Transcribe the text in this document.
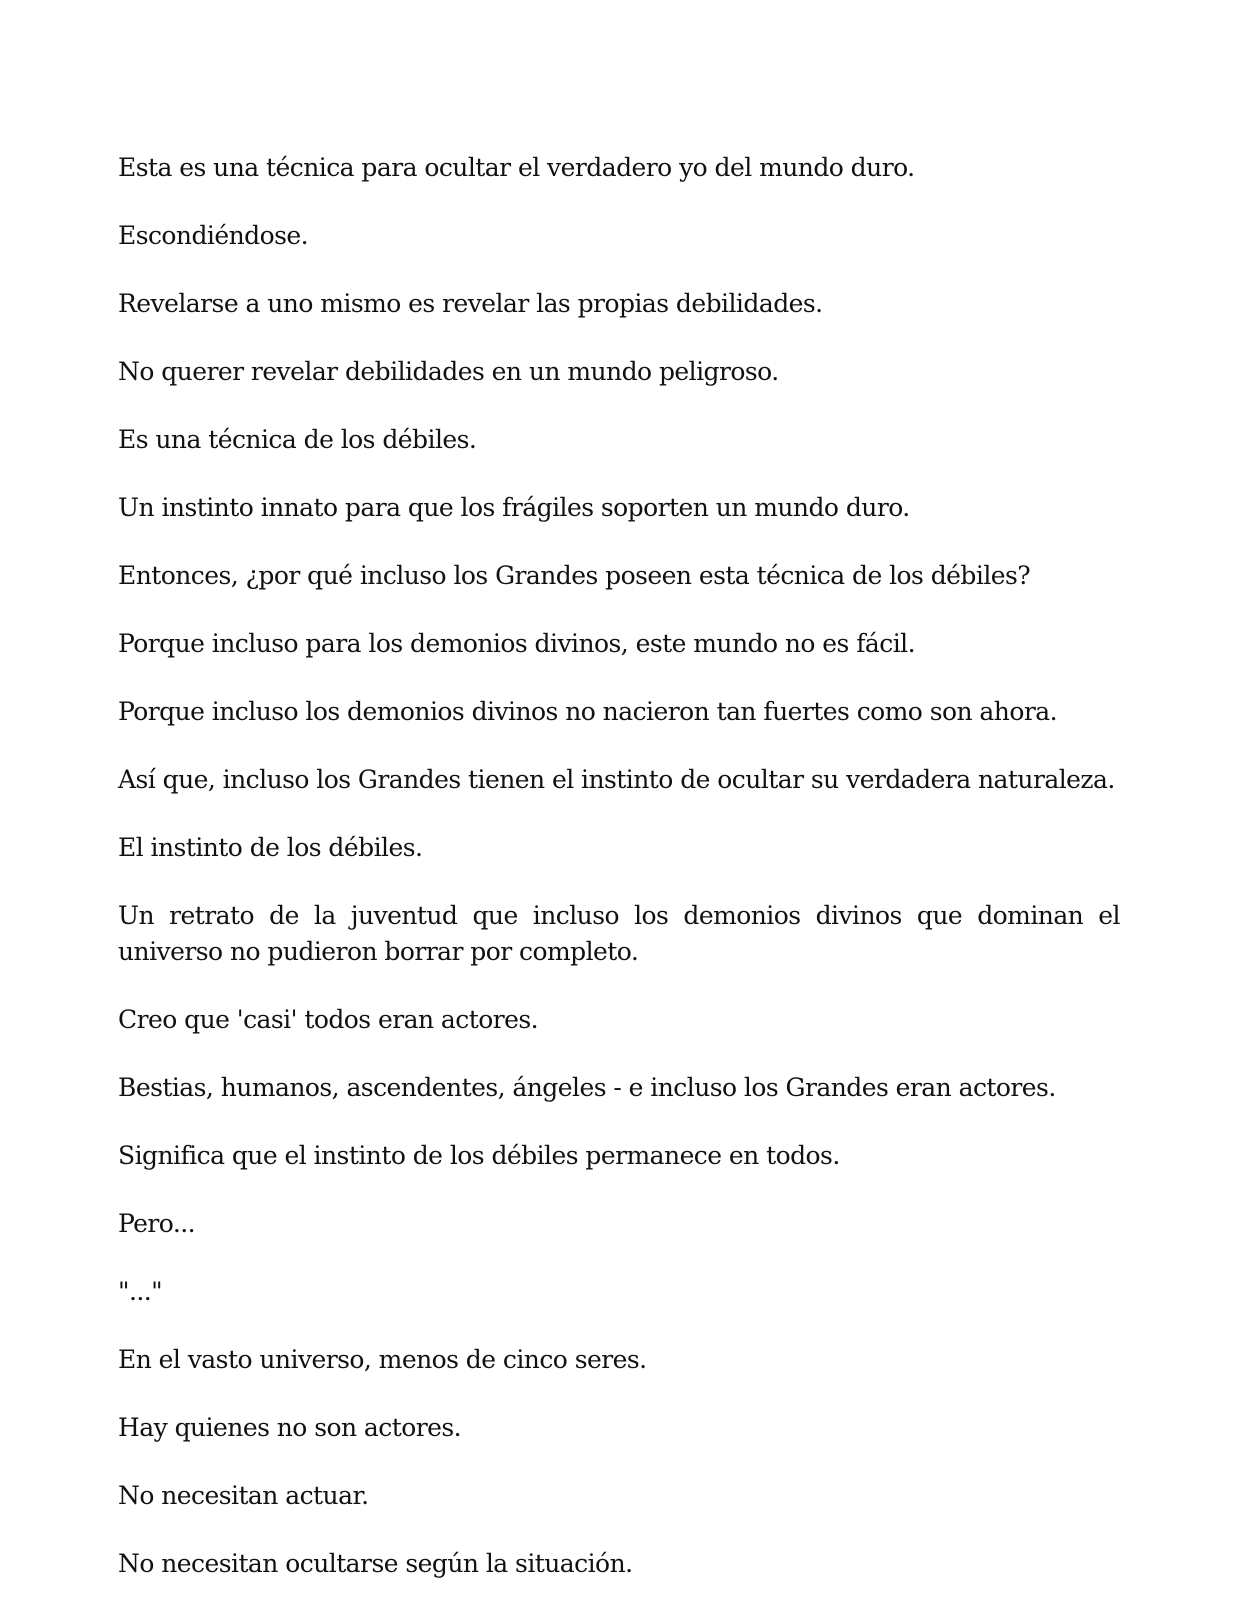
Esta es una técnica para ocultar el verdadero yo del mundo duro.

Escondiéndose.

Revelarse a uno mismo es revelar las propias debilidades.

No querer revelar debilidades en un mundo peligroso.

Es una técnica de los débiles.

Un instinto innato para que los frágiles soporten un mundo duro.

Entonces, ¿por qué incluso los Grandes poseen esta técnica de los débiles?

Porque incluso para los demonios divinos, este mundo no es fácil.

Porque incluso los demonios divinos no nacieron tan fuertes como son ahora.

Así que, incluso los Grandes tienen el instinto de ocultar su verdadera naturaleza.

El instinto de los débiles.

Un retrato de la juventud que incluso los demonios divinos que dominan el universo no pudieron borrar por completo.

Creo que 'casi' todos eran actores.

Bestias, humanos, ascendentes, ángeles - e incluso los Grandes eran actores.

Significa que el instinto de los débiles permanece en todos.

Pero...

"..."

En el vasto universo, menos de cinco seres.

Hay quienes no son actores.

No necesitan actuar.

No necesitan ocultarse según la situación.
